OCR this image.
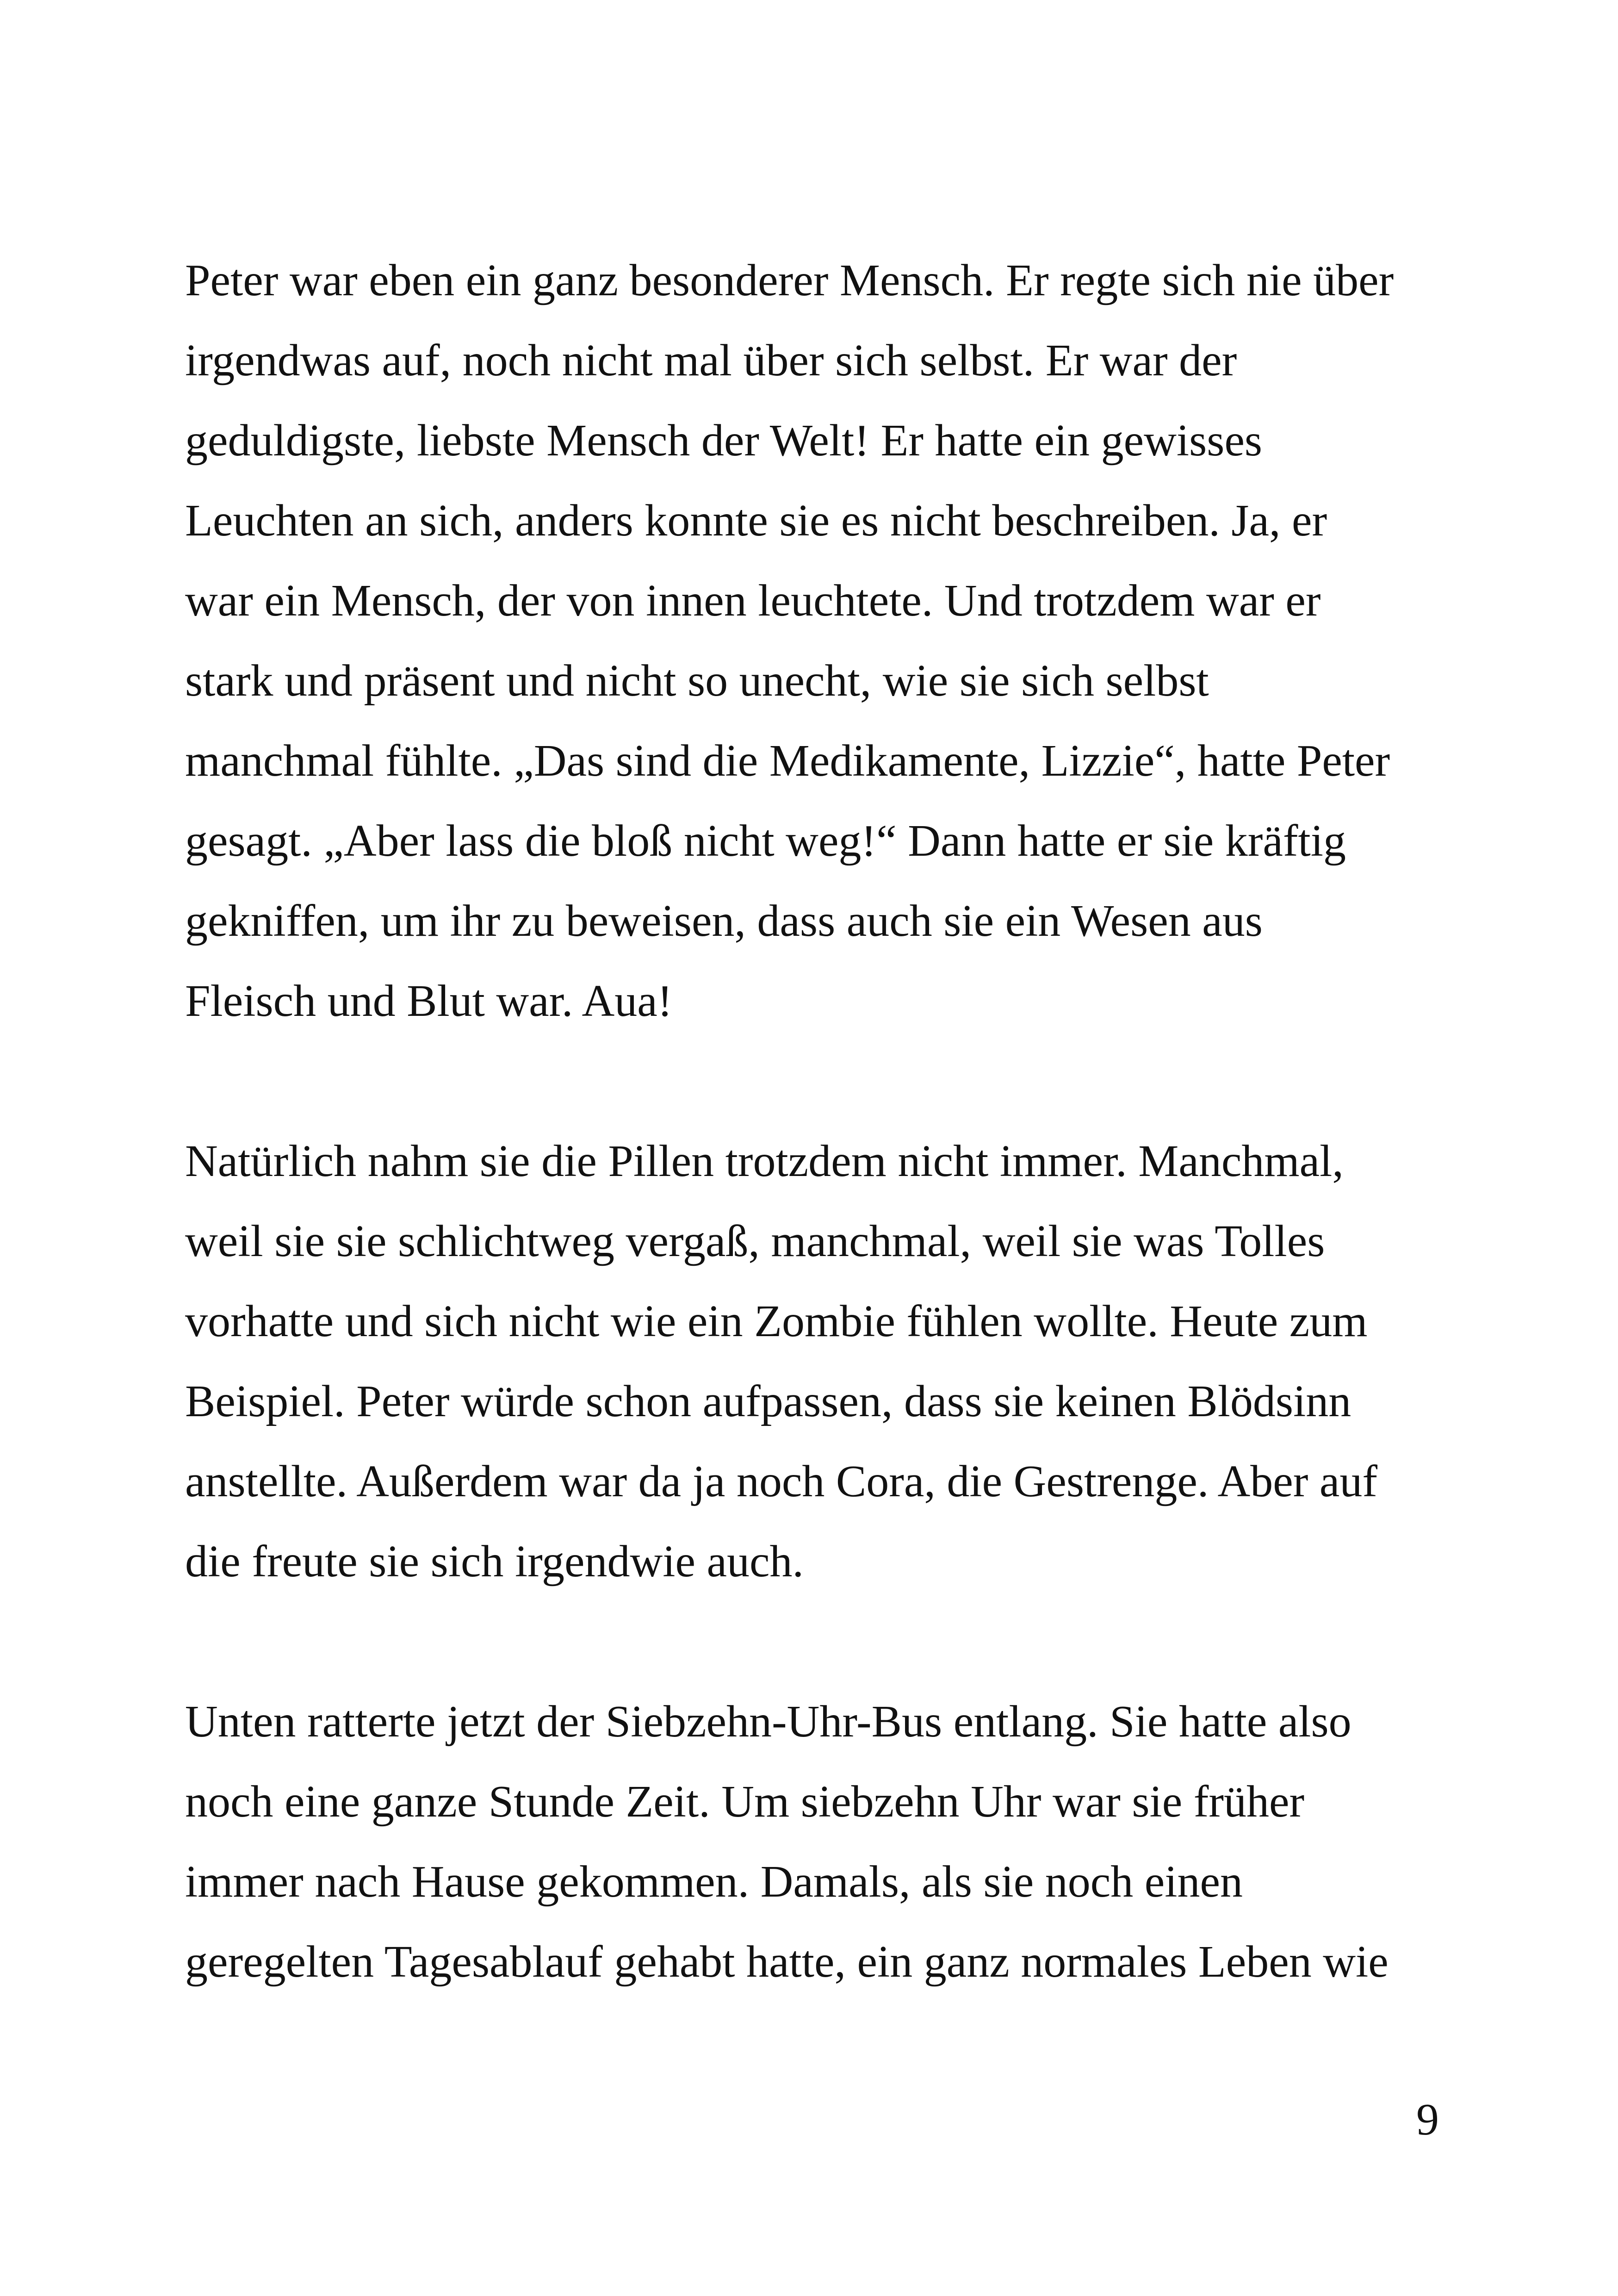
Peter war eben ein ganz besonderer Mensch. Er regte sich nie über
irgendwas auf, noch nicht mal über sich selbst. Er war der
geduldigste, liebste Mensch der Welt! Er hatte ein gewisses
Leuchten an sich, anders konnte sie es nicht beschreiben. Ja, er
war ein Mensch, der von innen leuchtete. Und trotzdem war er
stark und präsent und nicht so unecht, wie sie sich selbst
manchmal fühlte. „Das sind die Medikamente, Lizzie“, hatte Peter
gesagt. „Aber lass die bloß nicht weg!“ Dann hatte er sie kräftig
gekniffen, um ihr zu beweisen, dass auch sie ein Wesen aus
Fleisch und Blut war. Aua!

Natürlich nahm sie die Pillen trotzdem nicht immer. Manchmal,
weil sie sie schlichtweg vergaß, manchmal, weil sie was Tolles
vorhatte und sich nicht wie ein Zombie fühlen wollte. Heute zum
Beispiel. Peter würde schon aufpassen, dass sie keinen Blödsinn
anstellte. Außerdem war da ja noch Cora, die Gestrenge. Aber auf
die freute sie sich irgendwie auch.

Unten ratterte jetzt der Siebzehn-Uhr-Bus entlang. Sie hatte also
noch eine ganze Stunde Zeit. Um siebzehn Uhr war sie früher
immer nach Hause gekommen. Damals, als sie noch einen
geregelten Tagesablauf gehabt hatte, ein ganz normales Leben wie

9
